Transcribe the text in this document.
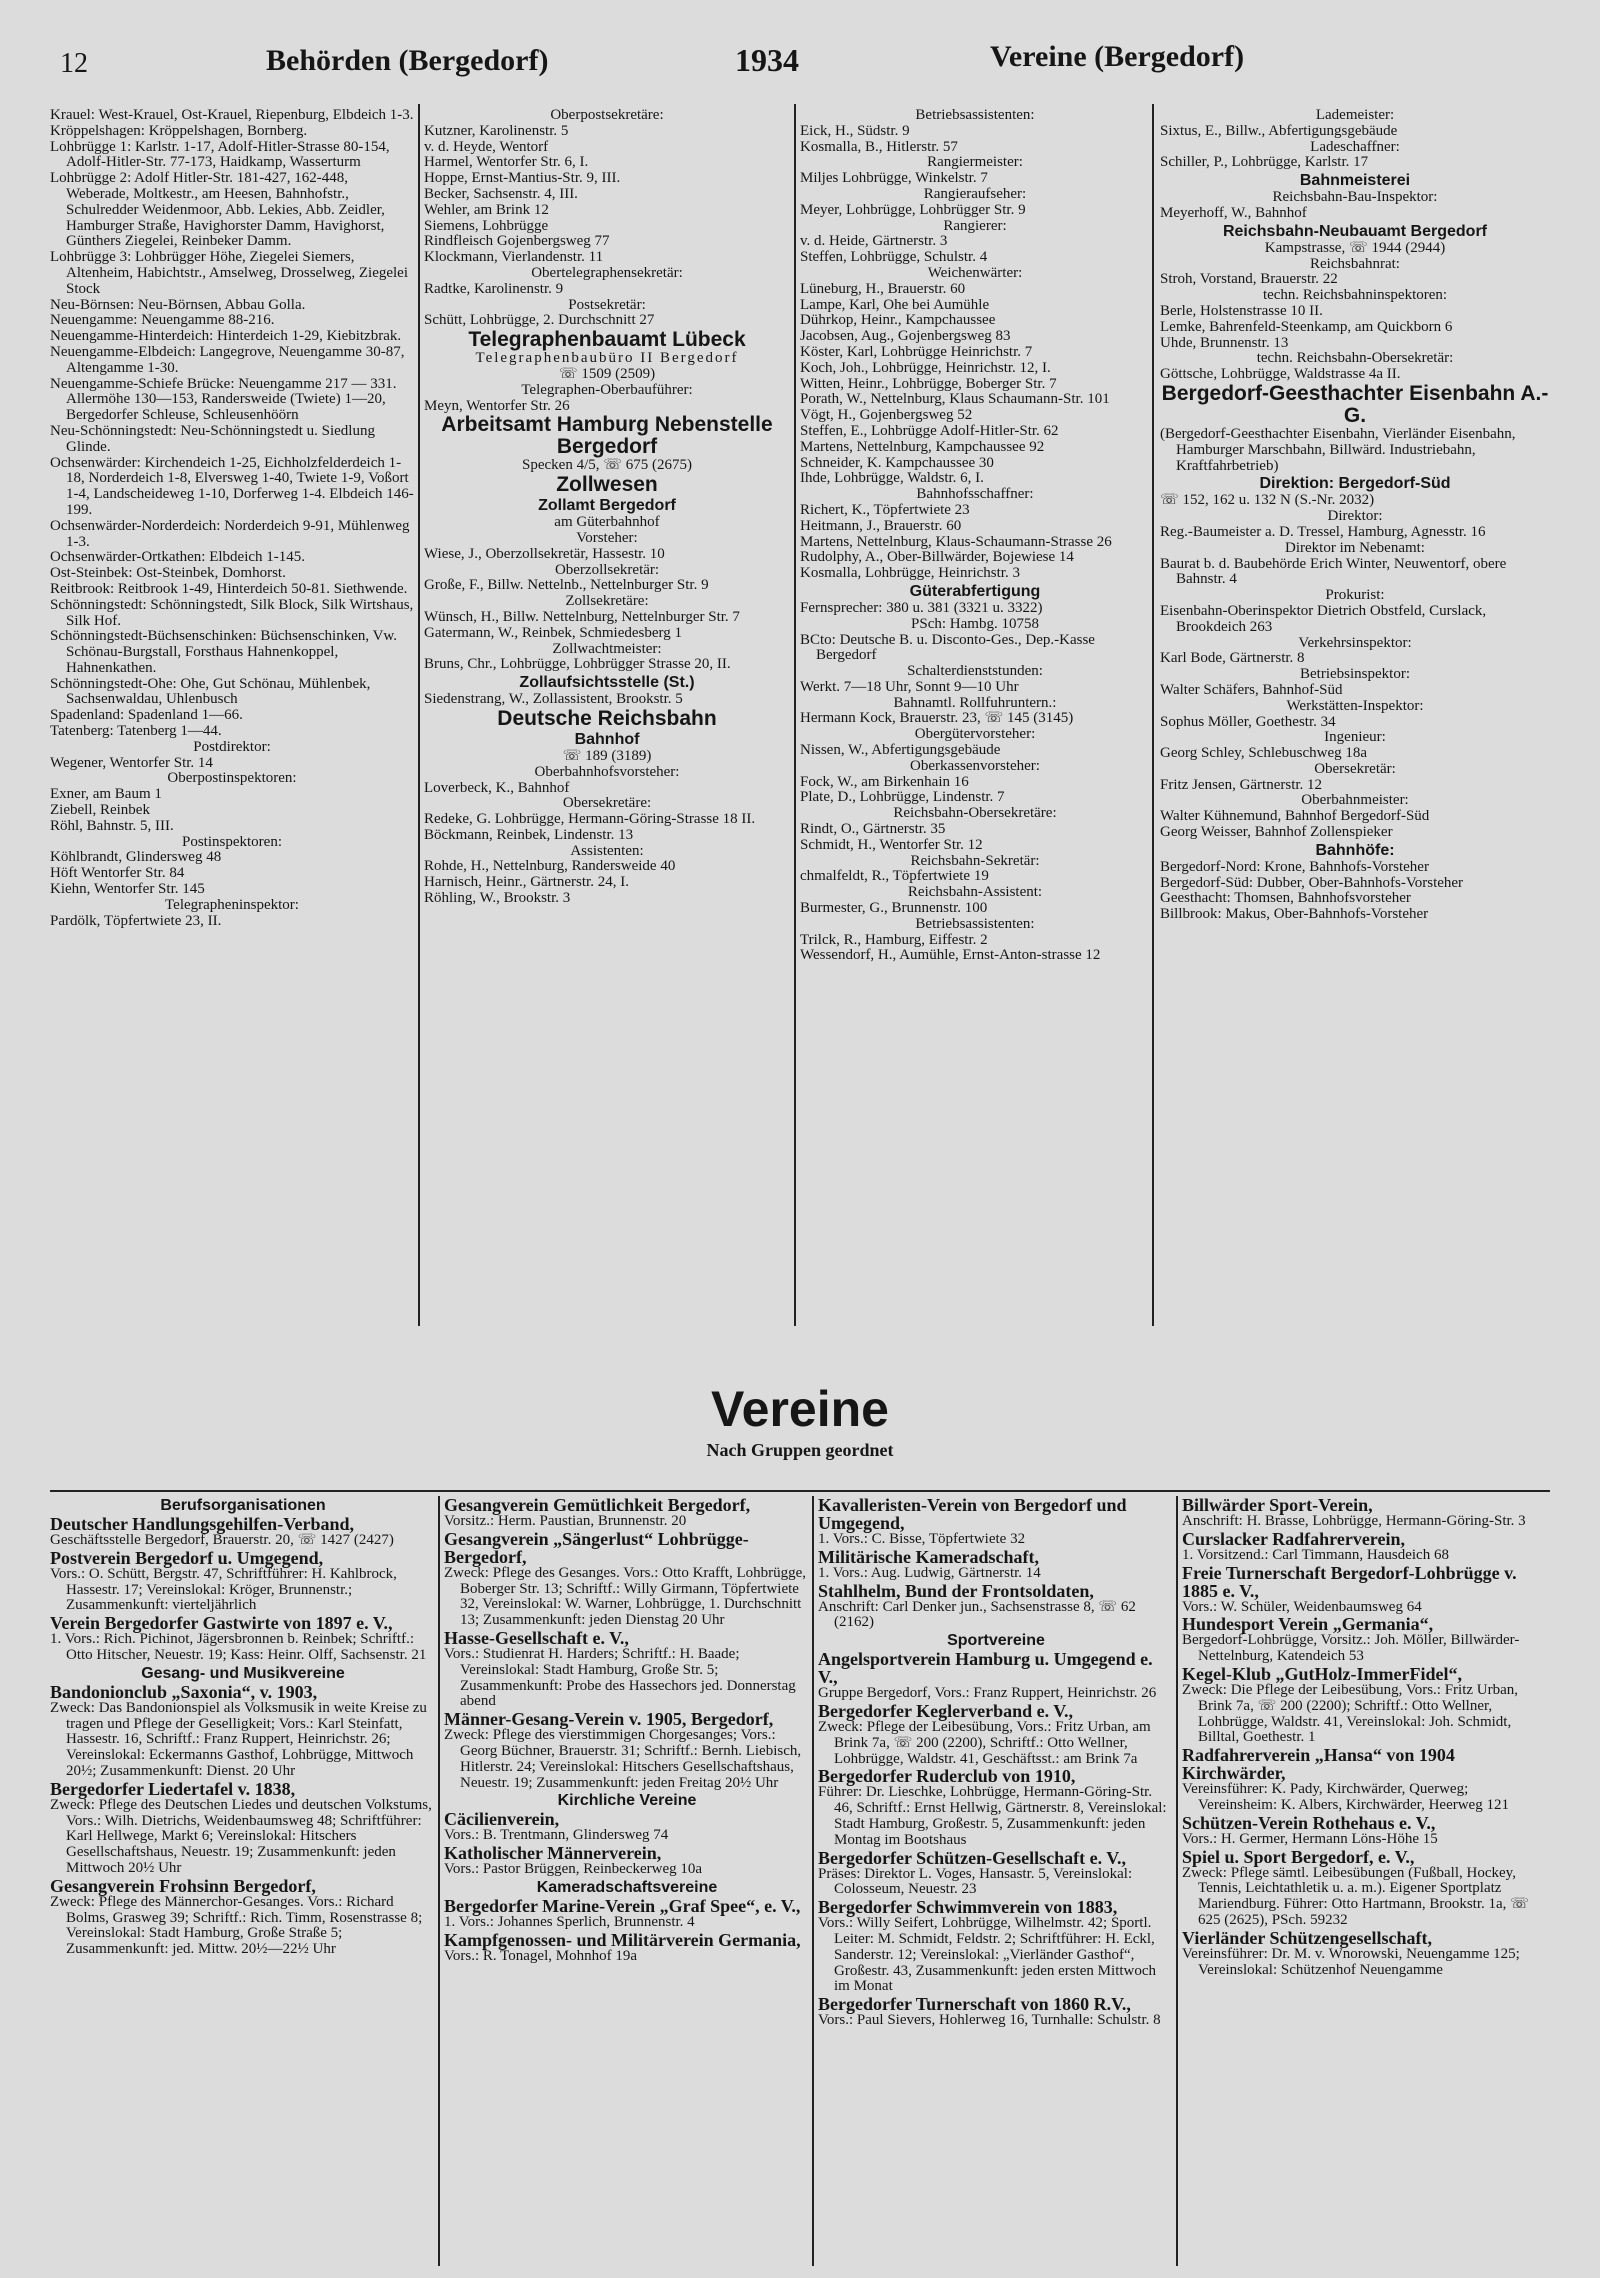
12	Behörden (Bergedorf)	1934	Vereine (Bergedorf)
Krauel: West-Krauel, Ost-Krauel, Riepenburg, Elbdeich 1-3.
Kröppelshagen: Kröppelshagen, Bornberg.
Lohbrügge 1: Karlstr. 1-17, Adolf-Hitler-Strasse 80-154, Adolf-Hitler-Str. 77-173, Haidkamp, Wasserturm
Lohbrügge 2: Adolf Hitler-Str. 181-427, 162-448, Weberade, Moltkestr., am Heesen, Bahnhofstr., Schulredder Weidenmoor, Abb. Lekies, Abb. Zeidler, Hamburger Straße, Havighorster Damm, Havighorst, Günthers Ziegelei, Reinbeker Damm.
Lohbrügge 3: Lohbrügger Höhe, Ziegelei Siemers, Altenheim, Habichtstr., Amselweg, Drosselweg, Ziegelei Stock
Neu-Börnsen: Neu-Börnsen, Abbau Golla.
Neuengamme: Neuengamme 88-216.
Neuengamme-Hinterdeich: Hinterdeich 1-29, Kiebitzbrak.
Neuengamme-Elbdeich: Langegrove, Neuengamme 30-87, Altengamme 1-30.
Neuengamme-Schiefe Brücke: Neuengamme 217 — 331. Allermöhe 130—153, Randersweide (Twiete) 1—20, Bergedorfer Schleuse, Schleusenhöörn
Neu-Schönningstedt: Neu-Schönningstedt u. Siedlung Glinde.
Ochsenwärder: Kirchendeich 1-25, Eichholzfelderdeich 1-18, Norderdeich 1-8, Elversweg 1-40, Twiete 1-9, Voßort 1-4, Landscheideweg 1-10, Dorferweg 1-4. Elbdeich 146-199.
Ochsenwärder-Norderdeich: Norderdeich 9-91, Mühlenweg 1-3.
Ochsenwärder-Ortkathen: Elbdeich 1-145.
Ost-Steinbek: Ost-Steinbek, Domhorst.
Reitbrook: Reitbrook 1-49, Hinterdeich 50-81. Siethwende.
Schönningstedt: Schönningstedt, Silk Block, Silk Wirtshaus, Silk Hof.
Schönningstedt-Büchsenschinken: Büchsenschinken, Vw. Schönau-Burgstall, Forsthaus Hahnenkoppel, Hahnenkathen.
Schönningstedt-Ohe: Ohe, Gut Schönau, Mühlenbek, Sachsenwaldau, Uhlenbusch
Spadenland: Spadenland 1—66.
Tatenberg: Tatenberg 1—44.
Postdirektor:
Wegener, Wentorfer Str. 14
Oberpostinspektoren:
Exner, am Baum 1
Ziebell, Reinbek
Röhl, Bahnstr. 5, III.
Postinspektoren:
Köhlbrandt, Glindersweg 48
Höft Wentorfer Str. 84
Kiehn, Wentorfer Str. 145
Telegrapheninspektor:
Pardölk, Töpfertwiete 23, II.
Oberpostsekretäre:
Kutzner, Karolinenstr. 5
v. d. Heyde, Wentorf
Harmel, Wentorfer Str. 6, I.
Hoppe, Ernst-Mantius-Str. 9, III.
Becker, Sachsenstr. 4, III.
Wehler, am Brink 12
Siemens, Lohbrügge
Rindfleisch Gojenbergsweg 77
Klockmann, Vierlandenstr. 11
Obertelegraphensekretär:
Radtke, Karolinenstr. 9
Postsekretär:
Schütt, Lohbrügge, 2. Durchschnitt 27
Telegraphenbauamt Lübeck
Telegraphenbaubüro II Bergedorf
☏ 1509 (2509)
Telegraphen-Oberbauführer:
Meyn, Wentorfer Str. 26
Arbeitsamt Hamburg Nebenstelle Bergedorf
Specken 4/5, ☏ 675 (2675)
Zollwesen
Zollamt Bergedorf
am Güterbahnhof
Vorsteher:
Wiese, J., Oberzollsekretär, Hassestr. 10
Oberzollsekretär:
Große, F., Billw. Nettelnb., Nettelnburger Str. 9
Zollsekretäre:
Wünsch, H., Billw. Nettelnburg, Nettelnburger Str. 7
Gatermann, W., Reinbek, Schmiedesberg 1
Zollwachtmeister:
Bruns, Chr., Lohbrügge, Lohbrügger Strasse 20, II.
Zollaufsichtsstelle (St.)
Siedenstrang, W., Zollassistent, Brookstr. 5
Deutsche Reichsbahn
Bahnhof
☏ 189 (3189)
Oberbahnhofsvorsteher:
Loverbeck, K., Bahnhof
Obersekretäre:
Redeke, G. Lohbrügge, Hermann-Göring-Strasse 18 II.
Böckmann, Reinbek, Lindenstr. 13
Assistenten:
Rohde, H., Nettelnburg, Randersweide 40
Harnisch, Heinr., Gärtnerstr. 24, I.
Röhling, W., Brookstr. 3
Betriebsassistenten:
Eick, H., Südstr. 9
Kosmalla, B., Hitlerstr. 57
Rangiermeister:
Miljes Lohbrügge, Winkelstr. 7
Rangieraufseher:
Meyer, Lohbrügge, Lohbrügger Str. 9
Rangierer:
v. d. Heide, Gärtnerstr. 3
Steffen, Lohbrügge, Schulstr. 4
Weichenwärter:
Lüneburg, H., Brauerstr. 60
Lampe, Karl, Ohe bei Aumühle
Dührkop, Heinr., Kampchaussee
Jacobsen, Aug., Gojenbergsweg 83
Köster, Karl, Lohbrügge Heinrichstr. 7
Koch, Joh., Lohbrügge, Heinrichstr. 12, I.
Witten, Heinr., Lohbrügge, Boberger Str. 7
Porath, W., Nettelnburg, Klaus Schaumann-Str. 101
Vögt, H., Gojenbergsweg 52
Steffen, E., Lohbrügge Adolf-Hitler-Str. 62
Martens, Nettelnburg, Kampchaussee 92
Schneider, K. Kampchaussee 30
Ihde, Lohbrügge, Waldstr. 6, I.
Bahnhofsschaffner:
Richert, K., Töpfertwiete 23
Heitmann, J., Brauerstr. 60
Martens, Nettelnburg, Klaus-Schaumann-Strasse 26
Rudolphy, A., Ober-Billwärder, Bojewiese 14
Kosmalla, Lohbrügge, Heinrichstr. 3
Güterabfertigung
Fernsprecher: 380 u. 381 (3321 u. 3322)
PSch: Hambg. 10758
BCto: Deutsche B. u. Disconto-Ges., Dep.-Kasse Bergedorf
Schalterdienststunden:
Werkt. 7—18 Uhr, Sonnt 9—10 Uhr
Bahnamtl. Rollfuhruntern.:
Hermann Kock, Brauerstr. 23, ☏ 145 (3145)
Obergütervorsteher:
Nissen, W., Abfertigungsgebäude
Oberkassenvorsteher:
Fock, W., am Birkenhain 16
Plate, D., Lohbrügge, Lindenstr. 7
Reichsbahn-Obersekretäre:
Rindt, O., Gärtnerstr. 35
Schmidt, H., Wentorfer Str. 12
Reichsbahn-Sekretär:
chmalfeldt, R., Töpfertwiete 19
Reichsbahn-Assistent:
Burmester, G., Brunnenstr. 100
Betriebsassistenten:
Trilck, R., Hamburg, Eiffestr. 2
Wessendorf, H., Aumühle, Ernst-Anton-strasse 12
Lademeister:
Sixtus, E., Billw., Abfertigungsgebäude
Ladeschaffner:
Schiller, P., Lohbrügge, Karlstr. 17
Bahnmeisterei
Reichsbahn-Bau-Inspektor:
Meyerhoff, W., Bahnhof
Reichsbahn-Neubauamt Bergedorf
Kampstrasse, ☏ 1944 (2944)
Reichsbahnrat:
Stroh, Vorstand, Brauerstr. 22
techn. Reichsbahninspektoren:
Berle, Holstenstrasse 10 II.
Lemke, Bahrenfeld-Steenkamp, am Quickborn 6
Uhde, Brunnenstr. 13
techn. Reichsbahn-Obersekretär:
Göttsche, Lohbrügge, Waldstrasse 4a II.
Bergedorf-Geesthachter Eisenbahn A.-G.
(Bergedorf-Geesthachter Eisenbahn, Vierländer Eisenbahn, Hamburger Marschbahn, Billwärd. Industriebahn, Kraftfahrbetrieb)
Direktion: Bergedorf-Süd
☏ 152, 162 u. 132 N (S.-Nr. 2032)
Direktor:
Reg.-Baumeister a. D. Tressel, Hamburg, Agnesstr. 16
Direktor im Nebenamt:
Baurat b. d. Baubehörde Erich Winter, Neuwentorf, obere Bahnstr. 4
Prokurist:
Eisenbahn-Oberinspektor Dietrich Obstfeld, Curslack, Brookdeich 263
Verkehrsinspektor:
Karl Bode, Gärtnerstr. 8
Betriebsinspektor:
Walter Schäfers, Bahnhof-Süd
Werkstätten-Inspektor:
Sophus Möller, Goethestr. 34
Ingenieur:
Georg Schley, Schlebuschweg 18a
Obersekretär:
Fritz Jensen, Gärtnerstr. 12
Oberbahnmeister:
Walter Kühnemund, Bahnhof Bergedorf-Süd
Georg Weisser, Bahnhof Zollenspieker
Bahnhöfe:
Bergedorf-Nord: Krone, Bahnhofs-Vorsteher
Bergedorf-Süd: Dubber, Ober-Bahnhofs-Vorsteher
Geesthacht: Thomsen, Bahnhofsvorsteher
Billbrook: Makus, Ober-Bahnhofs-Vorsteher
Vereine
Nach Gruppen geordnet
Berufsorganisationen
Deutscher Handlungsgehilfen-Verband,
Geschäftsstelle Bergedorf, Brauerstr. 20, ☏ 1427 (2427)
Postverein Bergedorf u. Umgegend,
Vors.: O. Schütt, Bergstr. 47, Schriftführer: H. Kahlbrock, Hassestr. 17; Vereinslokal: Kröger, Brunnenstr.; Zusammenkunft: vierteljährlich
Verein Bergedorfer Gastwirte von 1897 e. V.,
1. Vors.: Rich. Pichinot, Jägersbronnen b. Reinbek; Schriftf.: Otto Hitscher, Neuestr. 19; Kass: Heinr. Olff, Sachsenstr. 21
Gesang- und Musikvereine
Bandonionclub „Saxonia“, v. 1903,
Zweck: Das Bandonionspiel als Volksmusik in weite Kreise zu tragen und Pflege der Geselligkeit; Vors.: Karl Steinfatt, Hassestr. 16, Schriftf.: Franz Ruppert, Heinrichstr. 26; Vereinslokal: Eckermanns Gasthof, Lohbrügge, Mittwoch 20½; Zusammenkunft: Dienst. 20 Uhr
Bergedorfer Liedertafel v. 1838,
Zweck: Pflege des Deutschen Liedes und deutschen Volkstums, Vors.: Wilh. Dietrichs, Weidenbaumsweg 48; Schriftführer: Karl Hellwege, Markt 6; Vereinslokal: Hitschers Gesellschaftshaus, Neuestr. 19; Zusammenkunft: jeden Mittwoch 20½ Uhr
Gesangverein Frohsinn Bergedorf,
Zweck: Pflege des Männerchor-Gesanges. Vors.: Richard Bolms, Grasweg 39; Schriftf.: Rich. Timm, Rosenstrasse 8; Vereinslokal: Stadt Hamburg, Große Straße 5; Zusammenkunft: jed. Mittw. 20½—22½ Uhr
Gesangverein Gemütlichkeit Bergedorf,
Vorsitz.: Herm. Paustian, Brunnenstr. 20
Gesangverein „Sängerlust“ Lohbrügge-Bergedorf,
Zweck: Pflege des Gesanges. Vors.: Otto Krafft, Lohbrügge, Boberger Str. 13; Schriftf.: Willy Girmann, Töpfertwiete 32, Vereinslokal: W. Warner, Lohbrügge, 1. Durchschnitt 13; Zusammenkunft: jeden Dienstag 20 Uhr
Hasse-Gesellschaft e. V.,
Vors.: Studienrat H. Harders; Schriftf.: H. Baade; Vereinslokal: Stadt Hamburg, Große Str. 5; Zusammenkunft: Probe des Hassechors jed. Donnerstag abend
Männer-Gesang-Verein v. 1905, Bergedorf,
Zweck: Pflege des vierstimmigen Chorgesanges; Vors.: Georg Büchner, Brauerstr. 31; Schriftf.: Bernh. Liebisch, Hitlerstr. 24; Vereinslokal: Hitschers Gesellschaftshaus, Neuestr. 19; Zusammenkunft: jeden Freitag 20½ Uhr
Kirchliche Vereine
Cäcilienverein,
Vors.: B. Trentmann, Glindersweg 74
Katholischer Männerverein,
Vors.: Pastor Brüggen, Reinbeckerweg 10a
Kameradschaftsvereine
Bergedorfer Marine-Verein „Graf Spee“, e. V.,
1. Vors.: Johannes Sperlich, Brunnenstr. 4
Kampfgenossen- und Militärverein Germania,
Vors.: R. Tonagel, Mohnhof 19a
Kavalleristen-Verein von Bergedorf und Umgegend,
1. Vors.: C. Bisse, Töpfertwiete 32
Militärische Kameradschaft,
1. Vors.: Aug. Ludwig, Gärtnerstr. 14
Stahlhelm, Bund der Frontsoldaten,
Anschrift: Carl Denker jun., Sachsenstrasse 8, ☏ 62 (2162)
Sportvereine
Angelsportverein Hamburg u. Umgegend e. V.,
Gruppe Bergedorf, Vors.: Franz Ruppert, Heinrichstr. 26
Bergedorfer Keglerverband e. V.,
Zweck: Pflege der Leibesübung, Vors.: Fritz Urban, am Brink 7a, ☏ 200 (2200), Schriftf.: Otto Wellner, Lohbrügge, Waldstr. 41, Geschäftsst.: am Brink 7a
Bergedorfer Ruderclub von 1910,
Führer: Dr. Lieschke, Lohbrügge, Hermann-Göring-Str. 46, Schriftf.: Ernst Hellwig, Gärtnerstr. 8, Vereinslokal: Stadt Hamburg, Großestr. 5, Zusammenkunft: jeden Montag im Bootshaus
Bergedorfer Schützen-Gesellschaft e. V.,
Präses: Direktor L. Voges, Hansastr. 5, Vereinslokal: Colosseum, Neuestr. 23
Bergedorfer Schwimmverein von 1883,
Vors.: Willy Seifert, Lohbrügge, Wilhelmstr. 42; Sportl. Leiter: M. Schmidt, Feldstr. 2; Schriftführer: H. Eckl, Sanderstr. 12; Vereinslokal: „Vierländer Gasthof“, Großestr. 43, Zusammenkunft: jeden ersten Mittwoch im Monat
Bergedorfer Turnerschaft von 1860 R.V.,
Vors.: Paul Sievers, Hohlerweg 16, Turnhalle: Schulstr. 8
Billwärder Sport-Verein,
Anschrift: H. Brasse, Lohbrügge, Hermann-Göring-Str. 3
Curslacker Radfahrerverein,
1. Vorsitzend.: Carl Timmann, Hausdeich 68
Freie Turnerschaft Bergedorf-Lohbrügge v. 1885 e. V.,
Vors.: W. Schüler, Weidenbaumsweg 64
Hundesport Verein „Germania“,
Bergedorf-Lohbrügge, Vorsitz.: Joh. Möller, Billwärder-Nettelnburg, Katendeich 53
Kegel-Klub „GutHolz-ImmerFidel“,
Zweck: Die Pflege der Leibesübung, Vors.: Fritz Urban, Brink 7a, ☏ 200 (2200); Schriftf.: Otto Wellner, Lohbrügge, Waldstr. 41, Vereinslokal: Joh. Schmidt, Billtal, Goethestr. 1
Radfahrerverein „Hansa“ von 1904 Kirchwärder,
Vereinsführer: K. Pady, Kirchwärder, Querweg; Vereinsheim: K. Albers, Kirchwärder, Heerweg 121
Schützen-Verein Rothehaus e. V.,
Vors.: H. Germer, Hermann Löns-Höhe 15
Spiel u. Sport Bergedorf, e. V.,
Zweck: Pflege sämtl. Leibesübungen (Fußball, Hockey, Tennis, Leichtathletik u. a. m.). Eigener Sportplatz Mariendburg. Führer: Otto Hartmann, Brookstr. 1a, ☏ 625 (2625), PSch. 59232
Vierländer Schützengesellschaft,
Vereinsführer: Dr. M. v. Wnorowski, Neuengamme 125; Vereinslokal: Schützenhof Neuengamme
